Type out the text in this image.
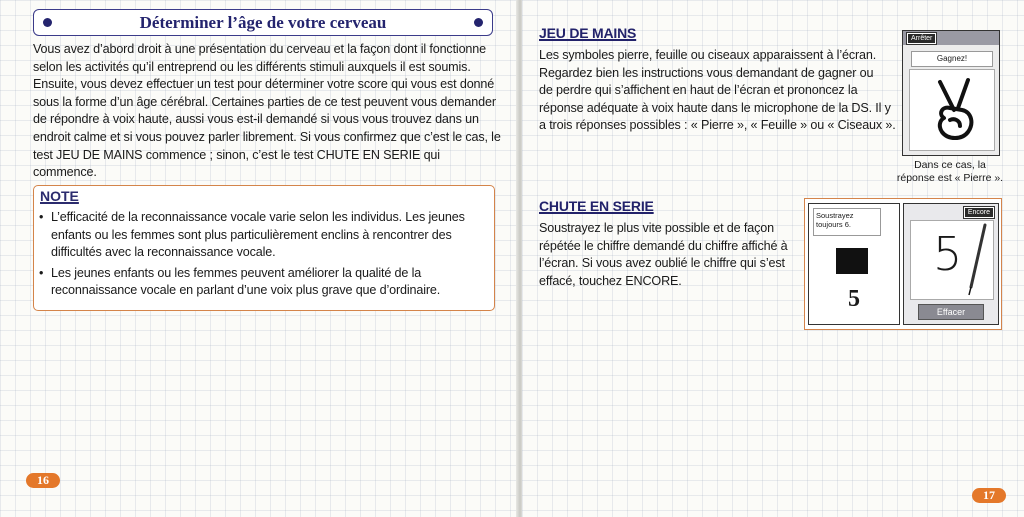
Déterminer l’âge de votre cerveau
Vous avez d’abord droit à une présentation du cerveau et la façon dont il fonctionne
selon les activités qu’il entreprend ou les différents stimuli auxquels il est soumis.
Ensuite, vous devez effectuer un test pour déterminer votre score qui vous est donné
sous la forme d’un âge cérébral. Certaines parties de ce test peuvent vous demander
de répondre à voix haute, aussi vous est-il demandé si vous vous trouvez dans un
endroit calme et si vous pouvez parler librement. Si vous confirmez que c’est le cas, le
test JEU DE MAINS commence ; sinon, c’est le test CHUTE EN SERIE qui commence.
NOTE
• L’efficacité de la reconnaissance vocale varie selon les individus. Les jeunes
enfants ou les femmes sont plus particulièrement enclins à rencontrer des
difficultés avec la reconnaissance vocale.
• Les jeunes enfants ou les femmes peuvent améliorer la qualité de la
reconnaissance vocale en parlant d’une voix plus grave que d’ordinaire.
16
JEU DE MAINS
Les symboles pierre, feuille ou ciseaux apparaissent à l’écran.
Regardez bien les instructions vous demandant de gagner ou
de perdre qui s’affichent en haut de l’écran et prononcez la
réponse adéquate à voix haute dans le microphone de la DS. Il y
a trois réponses possibles : « Pierre », « Feuille » ou « Ciseaux ».
Arrêter
Gagnez!
Dans ce cas, la
réponse est « Pierre ».
CHUTE EN SERIE
Soustrayez le plus vite possible et de façon
répétée le chiffre demandé du chiffre affiché à
l’écran. Si vous avez oublié le chiffre qui s’est
effacé, touchez ENCORE.
Soustrayez
toujours 6.
5
Encore
5
Effacer
17
